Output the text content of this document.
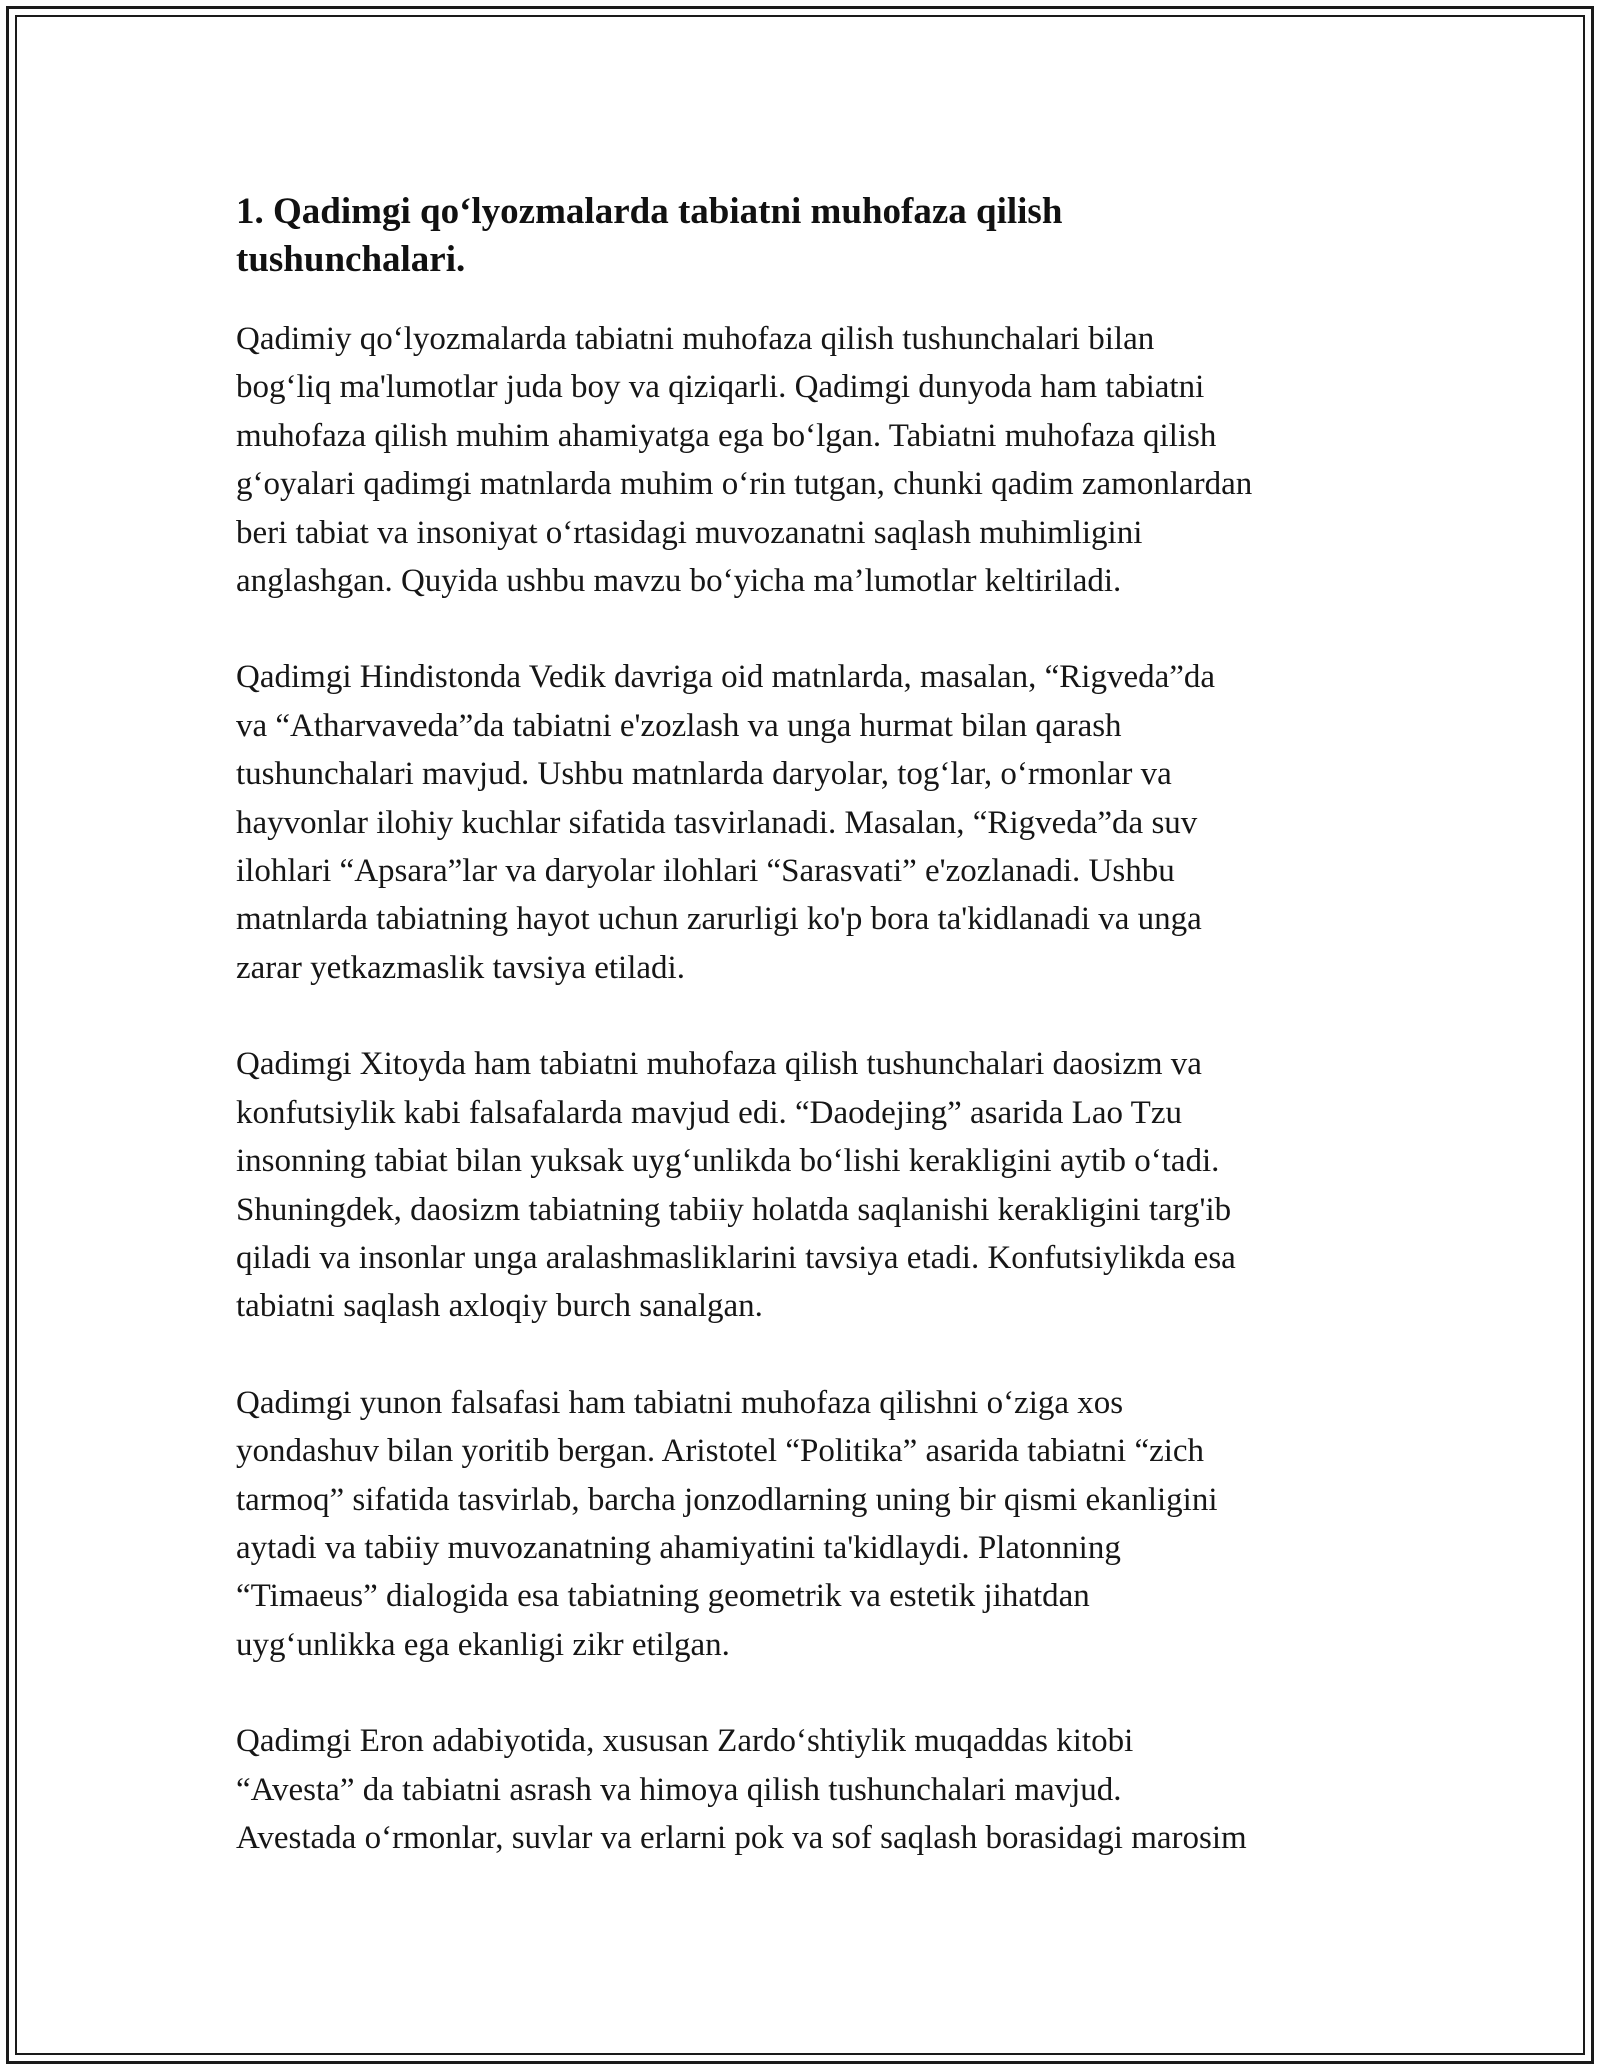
1. Qadimgi qo‘lyozmalarda tabiatni muhofaza qilish
tushunchalari.

Qadimiy qo‘lyozmalarda tabiatni muhofaza qilish tushunchalari bilan
bog‘liq ma'lumotlar juda boy va qiziqarli. Qadimgi dunyoda ham tabiatni
muhofaza qilish muhim ahamiyatga ega bo‘lgan. Tabiatni muhofaza qilish
g‘oyalari qadimgi matnlarda muhim o‘rin tutgan, chunki qadim zamonlardan
beri tabiat va insoniyat o‘rtasidagi muvozanatni saqlash muhimligini
anglashgan. Quyida ushbu mavzu bo‘yicha ma’lumotlar keltiriladi.

Qadimgi Hindistonda Vedik davriga oid matnlarda, masalan, “Rigveda”da
va “Atharvaveda”da tabiatni e'zozlash va unga hurmat bilan qarash
tushunchalari mavjud. Ushbu matnlarda daryolar, tog‘lar, o‘rmonlar va
hayvonlar ilohiy kuchlar sifatida tasvirlanadi. Masalan, “Rigveda”da suv
ilohlari “Apsara”lar va daryolar ilohlari “Sarasvati” e'zozlanadi. Ushbu
matnlarda tabiatning hayot uchun zarurligi ko'p bora ta'kidlanadi va unga
zarar yetkazmaslik tavsiya etiladi.

Qadimgi Xitoyda ham tabiatni muhofaza qilish tushunchalari daosizm va
konfutsiylik kabi falsafalarda mavjud edi. “Daodejing” asarida Lao Tzu
insonning tabiat bilan yuksak uyg‘unlikda bo‘lishi kerakligini aytib o‘tadi.
Shuningdek, daosizm tabiatning tabiiy holatda saqlanishi kerakligini targ'ib
qiladi va insonlar unga aralashmasliklarini tavsiya etadi. Konfutsiylikda esa
tabiatni saqlash axloqiy burch sanalgan.

Qadimgi yunon falsafasi ham tabiatni muhofaza qilishni o‘ziga xos
yondashuv bilan yoritib bergan. Aristotel “Politika” asarida tabiatni “zich
tarmoq” sifatida tasvirlab, barcha jonzodlarning uning bir qismi ekanligini
aytadi va tabiiy muvozanatning ahamiyatini ta'kidlaydi. Platonning
“Timaeus” dialogida esa tabiatning geometrik va estetik jihatdan
uyg‘unlikka ega ekanligi zikr etilgan.

Qadimgi Eron adabiyotida, xususan Zardo‘shtiylik muqaddas kitobi
“Avesta” da tabiatni asrash va himoya qilish tushunchalari mavjud.
Avestada o‘rmonlar, suvlar va erlarni pok va sof saqlash borasidagi marosim
